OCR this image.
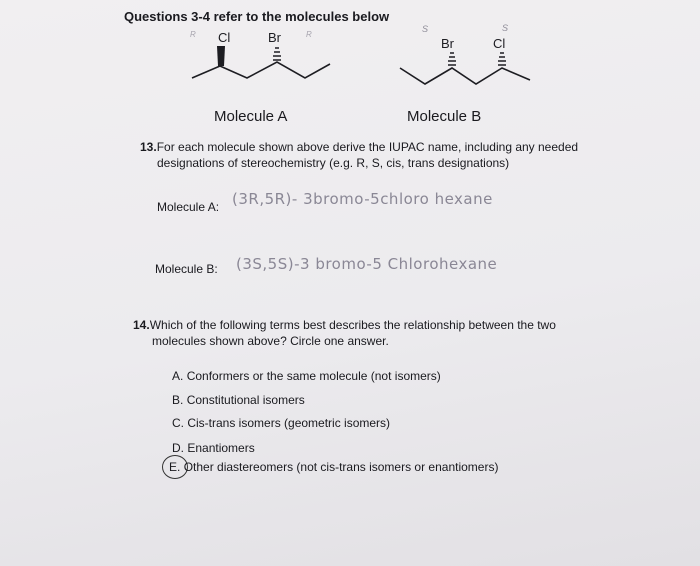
Questions 3-4 refer to the molecules below
Cl	Br
R	R
Br	Cl
S	S
Molecule A	Molecule B
13.For each molecule shown above derive the IUPAC name, including any needed
designations of stereochemistry (e.g. R, S, cis, trans designations)
Molecule A: (3R,5R)- 3bromo-5chloro hexane
Molecule B: (3S,5S)-3 bromo-5 Chlorohexane
14.Which of the following terms best describes the relationship between the two
molecules shown above? Circle one answer.
A. Conformers or the same molecule (not isomers)
B. Constitutional isomers
C. Cis-trans isomers (geometric isomers)
D. Enantiomers
E. Other diastereomers (not cis-trans isomers or enantiomers)
